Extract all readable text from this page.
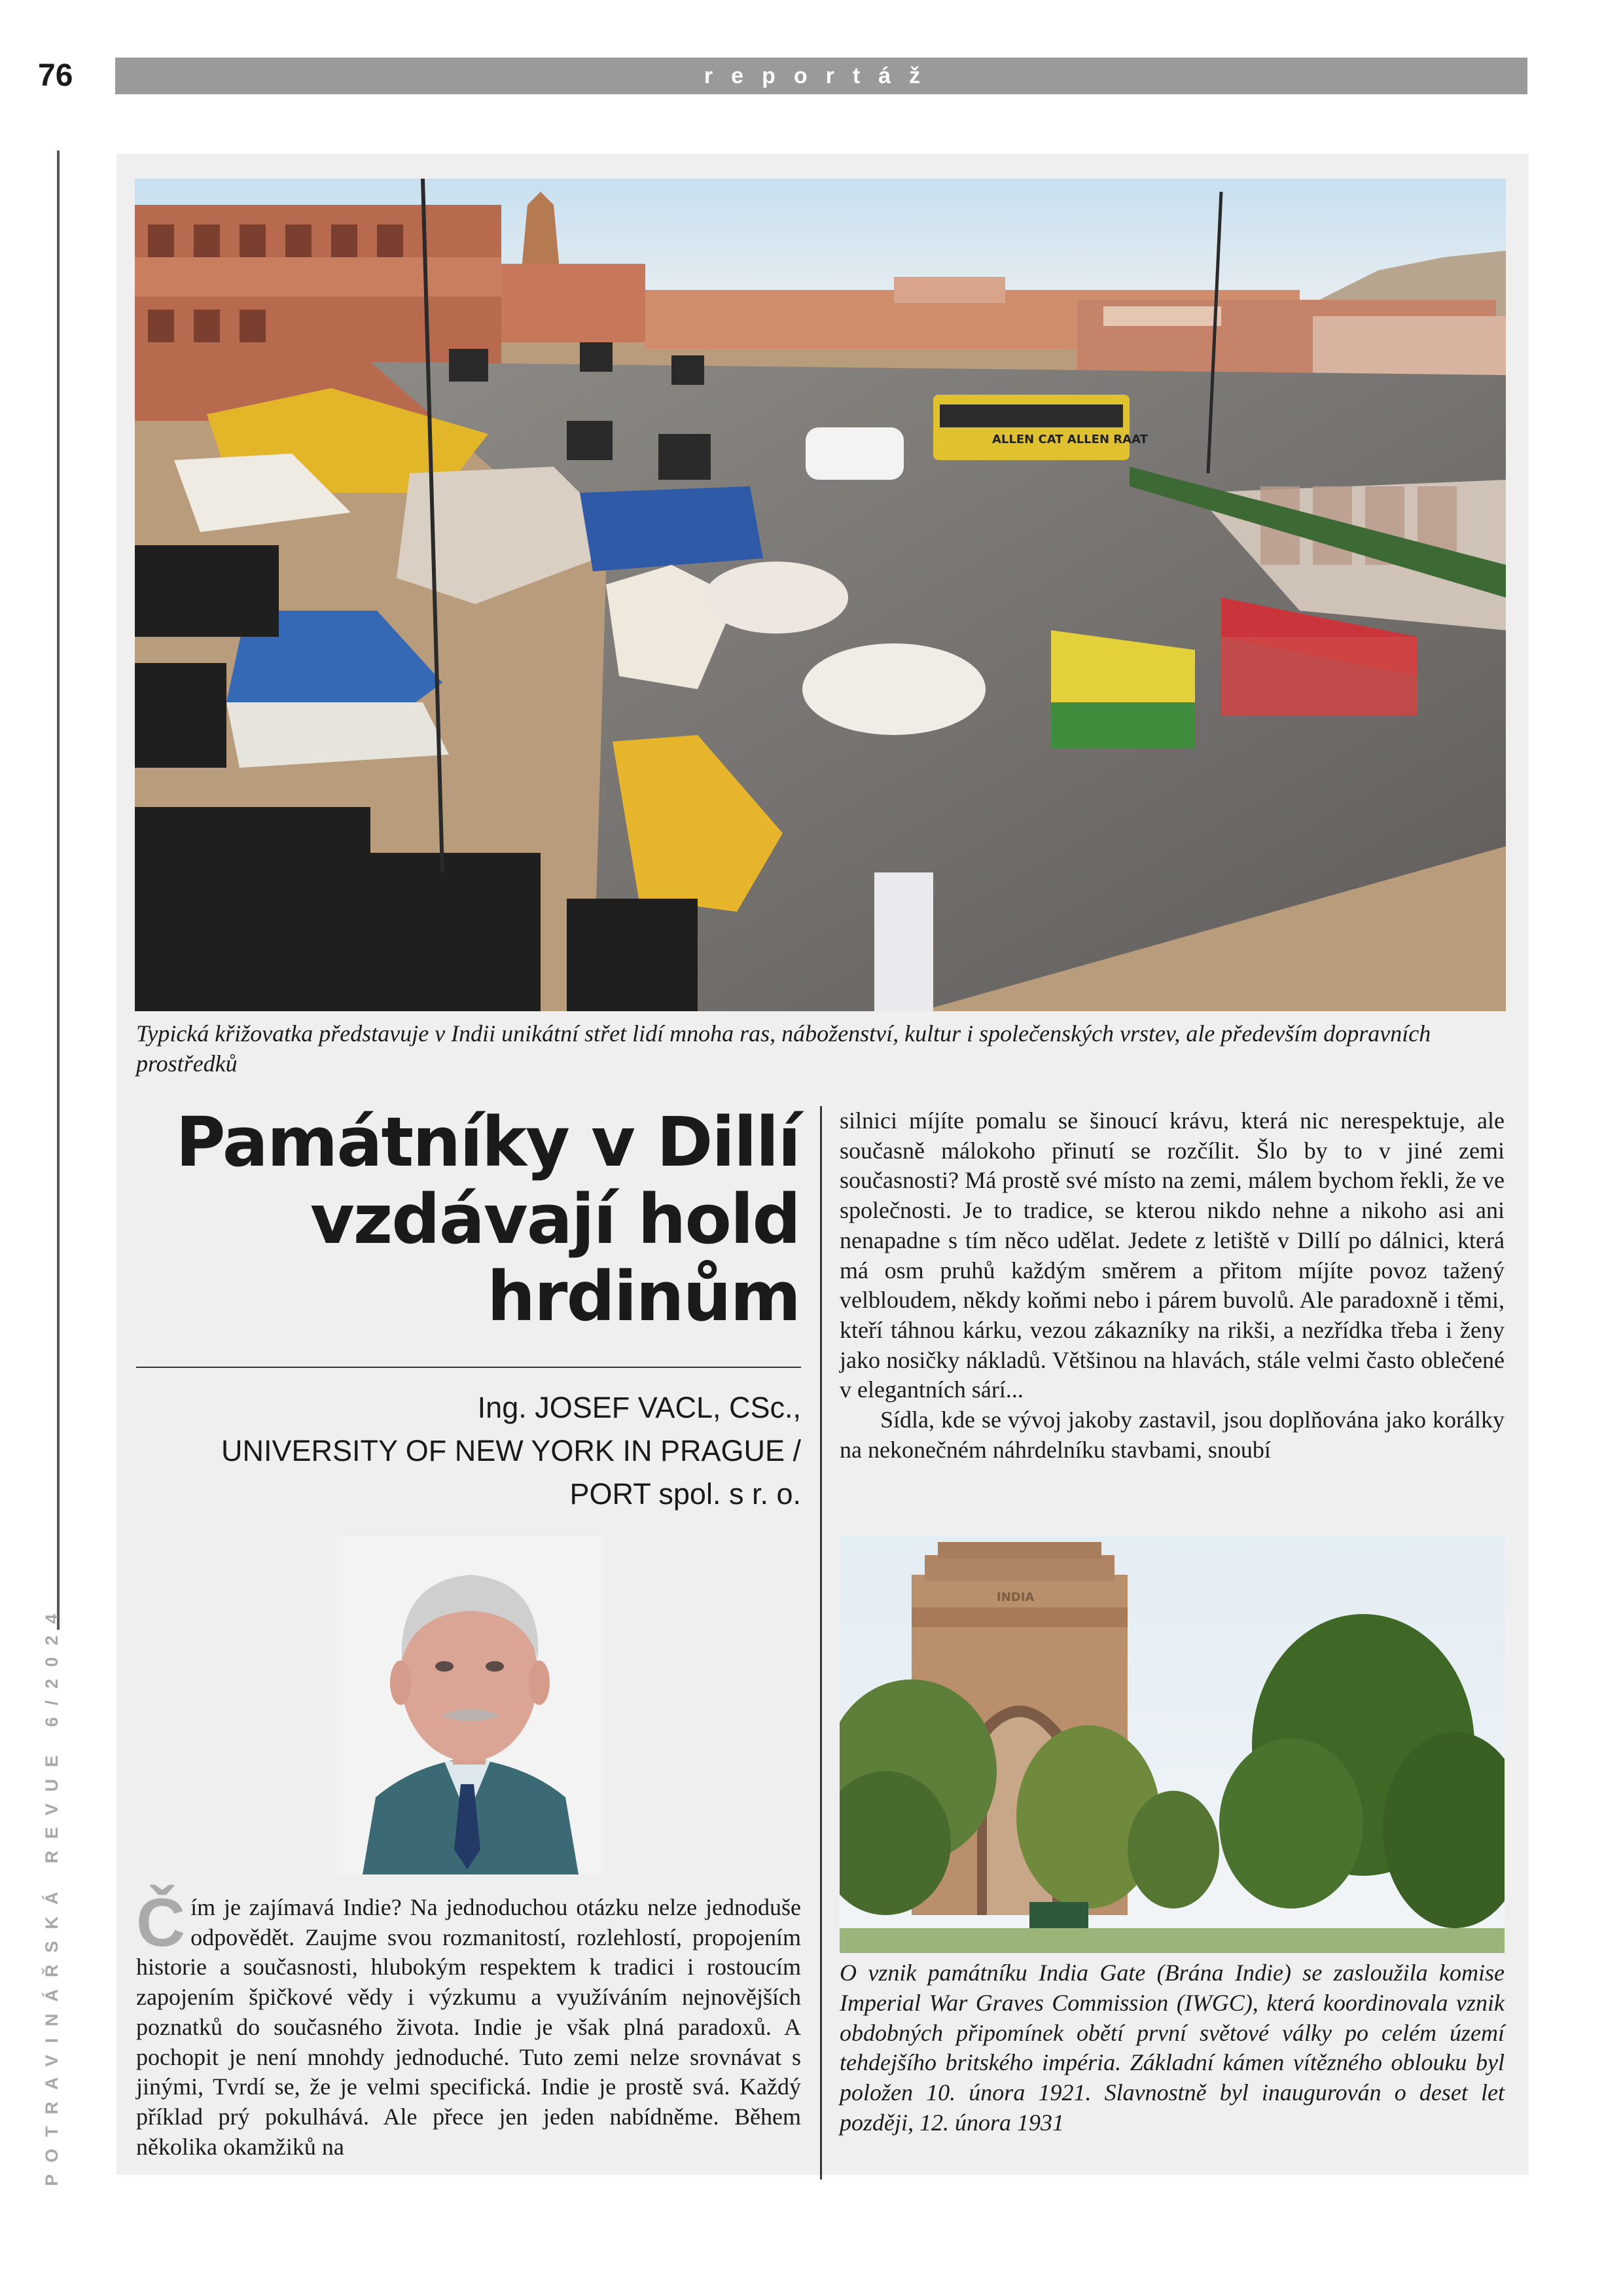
76	reportáž
POTRAVINÁŘSKÁ REVUE 6/2024
ALLEN CAT ALLEN RAAT
Typická křižovatka představuje v Indii unikátní střet lidí mnoha ras, náboženství, kultur i společenských vrstev, ale především dopravních prostředků
Památníky v Dillí
vzdávají hold
hrdinům
Ing. JOSEF VACL, CSc.,
UNIVERSITY OF NEW YORK IN PRAGUE /
PORT spol. s r. o.
Č ím je zajímavá Indie? Na jednoduchou otázku nelze jednoduše odpovědět. Zaujme svou rozmanitostí, rozlehlostí, propojením historie a současnosti, hlubokým respektem k tradici i rostoucím zapojením špičkové vědy i výzkumu a využíváním nejnovějších poznatků do současného života. Indie je však plná paradoxů. A pochopit je není mnohdy jednoduché. Tuto zemi nelze srovnávat s jinými, Tvrdí se, že je velmi specifická. Indie je prostě svá. Každý příklad prý pokulhává. Ale přece jen jeden nabídněme. Během několika okamžiků na

silnici míjíte pomalu se šinoucí krávu, která nic nerespektuje, ale současně málokoho přinutí se rozčílit. Šlo by to v jiné zemi současnosti? Má prostě své místo na zemi, málem bychom řekli, že ve společnosti. Je to tradice, se kterou nikdo nehne a nikoho asi ani nenapadne s tím něco udělat. Jedete z letiště v Dillí po dálnici, která má osm pruhů každým směrem a přitom míjíte povoz tažený velbloudem, někdy koňmi nebo i párem buvolů. Ale paradoxně i těmi, kteří táhnou kárku, vezou zákazníky na rikši, a nezřídka třeba i ženy jako nosičky nákladů. Většinou na hlavách, stále velmi často oblečené v elegantních sárí...

Sídla, kde se vývoj jakoby zastavil, jsou doplňována jako korálky na nekonečném náhrdelníku stavbami, snoubí

INDIA
O vznik památníku India Gate (Brána Indie) se zasloužila komise Imperial War Graves Commission (IWGC), která koordinovala vznik obdobných připomínek obětí první světové války po celém území tehdejšího britského impéria. Základní kámen vítězného oblouku byl položen 10. února 1921. Slavnostně byl inaugurován o deset let později, 12. února 1931
